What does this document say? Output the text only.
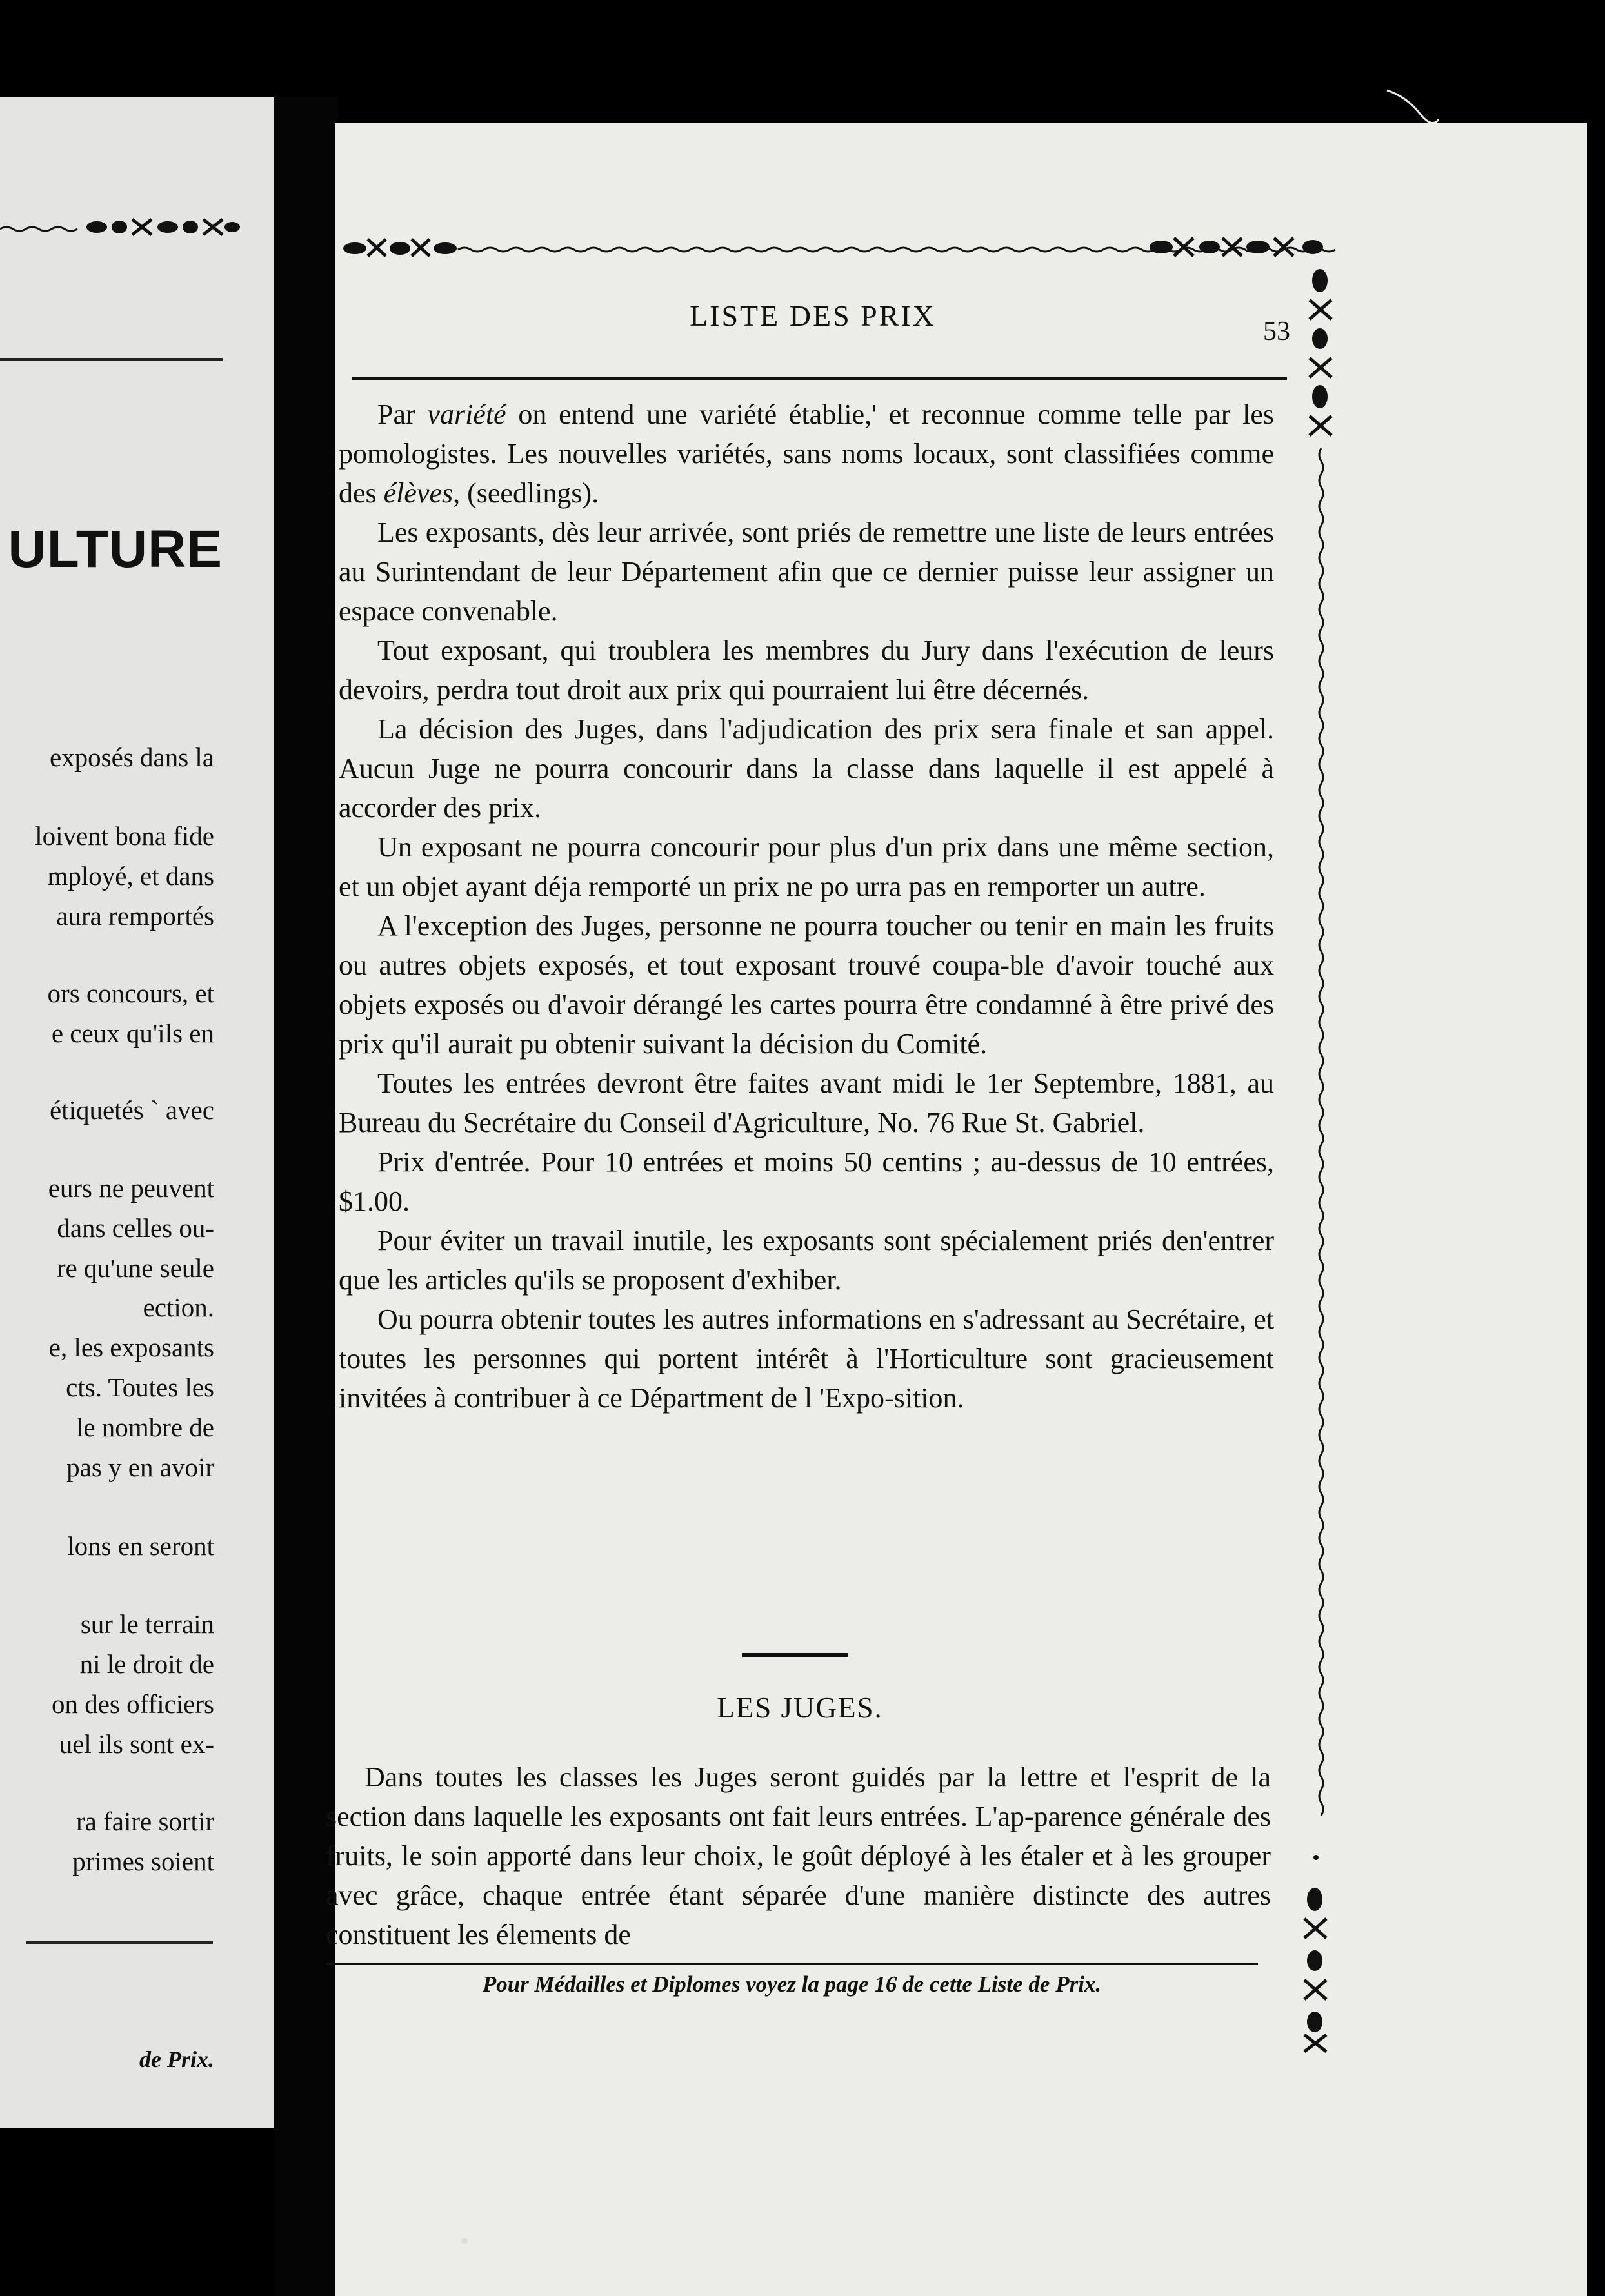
ULTURE
exposés dans la
loivent bona fide
mployé, et dans
aura remportés
ors concours, et
e ceux qu'ils en
étiquetés ` avec
eurs ne peuvent
dans celles ou-
re qu'une seule
ection.
e, les exposants
cts. Toutes les
le nombre de
pas y en avoir
lons en seront
sur le terrain
ni le droit de
on des officiers
uel ils sont ex-
ra faire sortir
primes soient
de Prix.
LISTE DES PRIX	53

Par variété on entend une variété établie,' et reconnue comme telle par les pomologistes. Les nouvelles variétés, sans noms locaux, sont classifiées comme des élèves, (seedlings).

Les exposants, dès leur arrivée, sont priés de remettre une liste de leurs entrées au Surintendant de leur Département afin que ce dernier puisse leur assigner un espace convenable.

Tout exposant, qui troublera les membres du Jury dans l'exécution de leurs devoirs, perdra tout droit aux prix qui pourraient lui être décernés.

La décision des Juges, dans l'adjudication des prix sera finale et san appel. Aucun Juge ne pourra concourir dans la classe dans laquelle il est appelé à accorder des prix.

Un exposant ne pourra concourir pour plus d'un prix dans une même section, et un objet ayant déja remporté un prix ne po urra pas en remporter un autre.

A l'exception des Juges, personne ne pourra toucher ou tenir en main les fruits ou autres objets exposés, et tout exposant trouvé coupa-ble d'avoir touché aux objets exposés ou d'avoir dérangé les cartes pourra être condamné à être privé des prix qu'il aurait pu obtenir suivant la décision du Comité.

Toutes les entrées devront être faites avant midi le 1er Septembre, 1881, au Bureau du Secrétaire du Conseil d'Agriculture, No. 76 Rue St. Gabriel.

Prix d'entrée. Pour 10 entrées et moins 50 centins ; au-dessus de 10 entrées, $1.00.

Pour éviter un travail inutile, les exposants sont spécialement priés den'entrer que les articles qu'ils se proposent d'exhiber.

Ou pourra obtenir toutes les autres informations en s'adressant au Secrétaire, et toutes les personnes qui portent intérêt à l'Horticulture sont gracieusement invitées à contribuer à ce Départment de l 'Expo-sition.

LES JUGES.

Dans toutes les classes les Juges seront guidés par la lettre et l'esprit de la section dans laquelle les exposants ont fait leurs entrées. L'ap-parence générale des fruits, le soin apporté dans leur choix, le goût déployé à les étaler et à les grouper avec grâce, chaque entrée étant séparée d'une manière distincte des autres constituent les élements de

Pour Médailles et Diplomes voyez la page 16 de cette Liste de Prix.
